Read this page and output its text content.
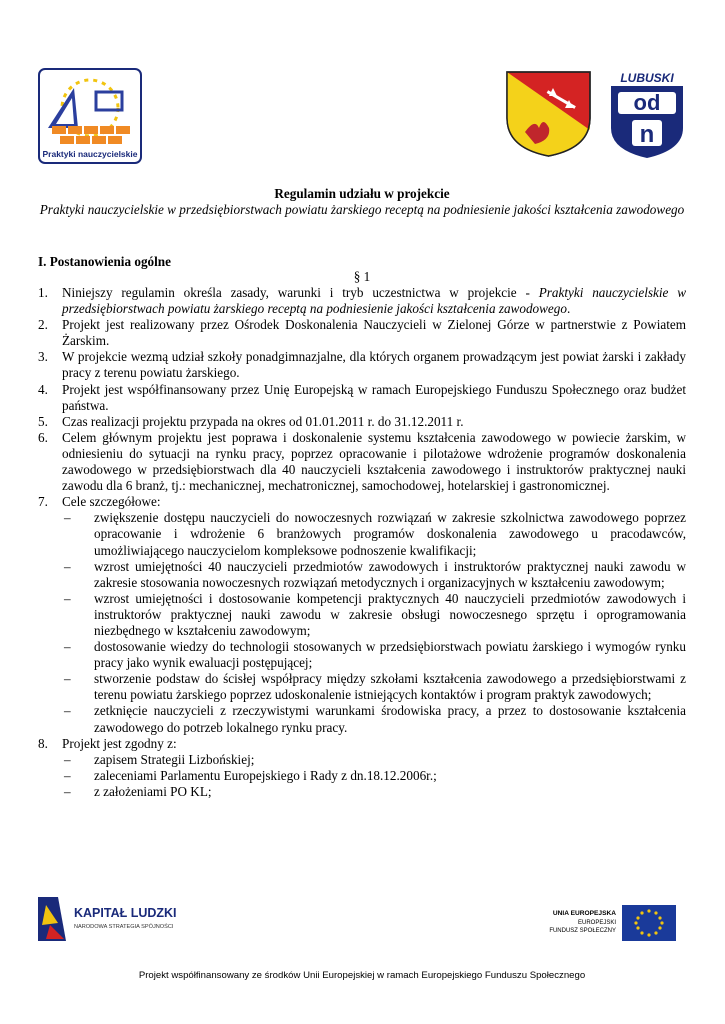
Praktyki nauczycielskie
LUBUSKI
od
n
Regulamin udziału w projekcie
Praktyki nauczycielskie w przedsiębiorstwach powiatu żarskiego receptą na podniesienie jakości kształcenia zawodowego
I. Postanowienia ogólne
§ 1
1. Niniejszy regulamin określa zasady, warunki i tryb uczestnictwa w projekcie - Praktyki nauczycielskie w przedsiębiorstwach powiatu żarskiego receptą na podniesienie jakości kształcenia zawodowego.
2. Projekt jest realizowany przez Ośrodek Doskonalenia Nauczycieli w Zielonej Górze w partnerstwie z Powiatem Żarskim.
3. W projekcie wezmą udział szkoły ponadgimnazjalne, dla których organem prowadzącym jest powiat żarski i zakłady pracy z terenu powiatu żarskiego.
4. Projekt jest współfinansowany przez Unię Europejską w ramach Europejskiego Funduszu Społecznego oraz budżet państwa.
5. Czas realizacji projektu przypada na okres od 01.01.2011 r. do 31.12.2011 r.
6. Celem głównym projektu jest poprawa i doskonalenie systemu kształcenia zawodowego w powiecie żarskim, w odniesieniu do sytuacji na rynku pracy, poprzez opracowanie i pilotażowe wdrożenie programów doskonalenia zawodowego w przedsiębiorstwach dla 40 nauczycieli kształcenia zawodowego i instruktorów praktycznej nauki zawodu dla 6 branż, tj.: mechanicznej, mechatronicznej, samochodowej, hotelarskiej i gastronomicznej.
7. Cele szczegółowe:
– zwiększenie dostępu nauczycieli do nowoczesnych rozwiązań w zakresie szkolnictwa zawodowego poprzez opracowanie i wdrożenie 6 branżowych programów doskonalenia zawodowego u pracodawców, umożliwiającego nauczycielom kompleksowe podnoszenie kwalifikacji;
– wzrost umiejętności 40 nauczycieli przedmiotów zawodowych i instruktorów praktycznej nauki zawodu w zakresie stosowania nowoczesnych rozwiązań metodycznych i organizacyjnych w kształceniu zawodowym;
– wzrost umiejętności i dostosowanie kompetencji praktycznych 40 nauczycieli przedmiotów zawodowych i instruktorów praktycznej nauki zawodu w zakresie obsługi nowoczesnego sprzętu i oprogramowania niezbędnego w kształceniu zawodowym;
– dostosowanie wiedzy do technologii stosowanych w przedsiębiorstwach powiatu żarskiego i wymogów rynku pracy jako wynik ewaluacji postępującej;
– stworzenie podstaw do ścisłej współpracy między szkołami kształcenia zawodowego a przedsiębiorstwami z terenu powiatu żarskiego poprzez udoskonalenie istniejących kontaktów i program praktyk zawodowych;
– zetknięcie nauczycieli z rzeczywistymi warunkami środowiska pracy, a przez to dostosowanie kształcenia zawodowego do potrzeb lokalnego rynku pracy.
8. Projekt jest zgodny z:
– zapisem Strategii Lizbońskiej;
– zaleceniami Parlamentu Europejskiego i Rady z dn.18.12.2006r.;
– z założeniami PO KL;
KAPITAŁ LUDZKI
NARODOWA STRATEGIA SPÓJNOŚCI
UNIA EUROPEJSKA
EUROPEJSKI
FUNDUSZ SPOŁECZNY
Projekt współfinansowany ze środków Unii Europejskiej w ramach Europejskiego Funduszu Społecznego
